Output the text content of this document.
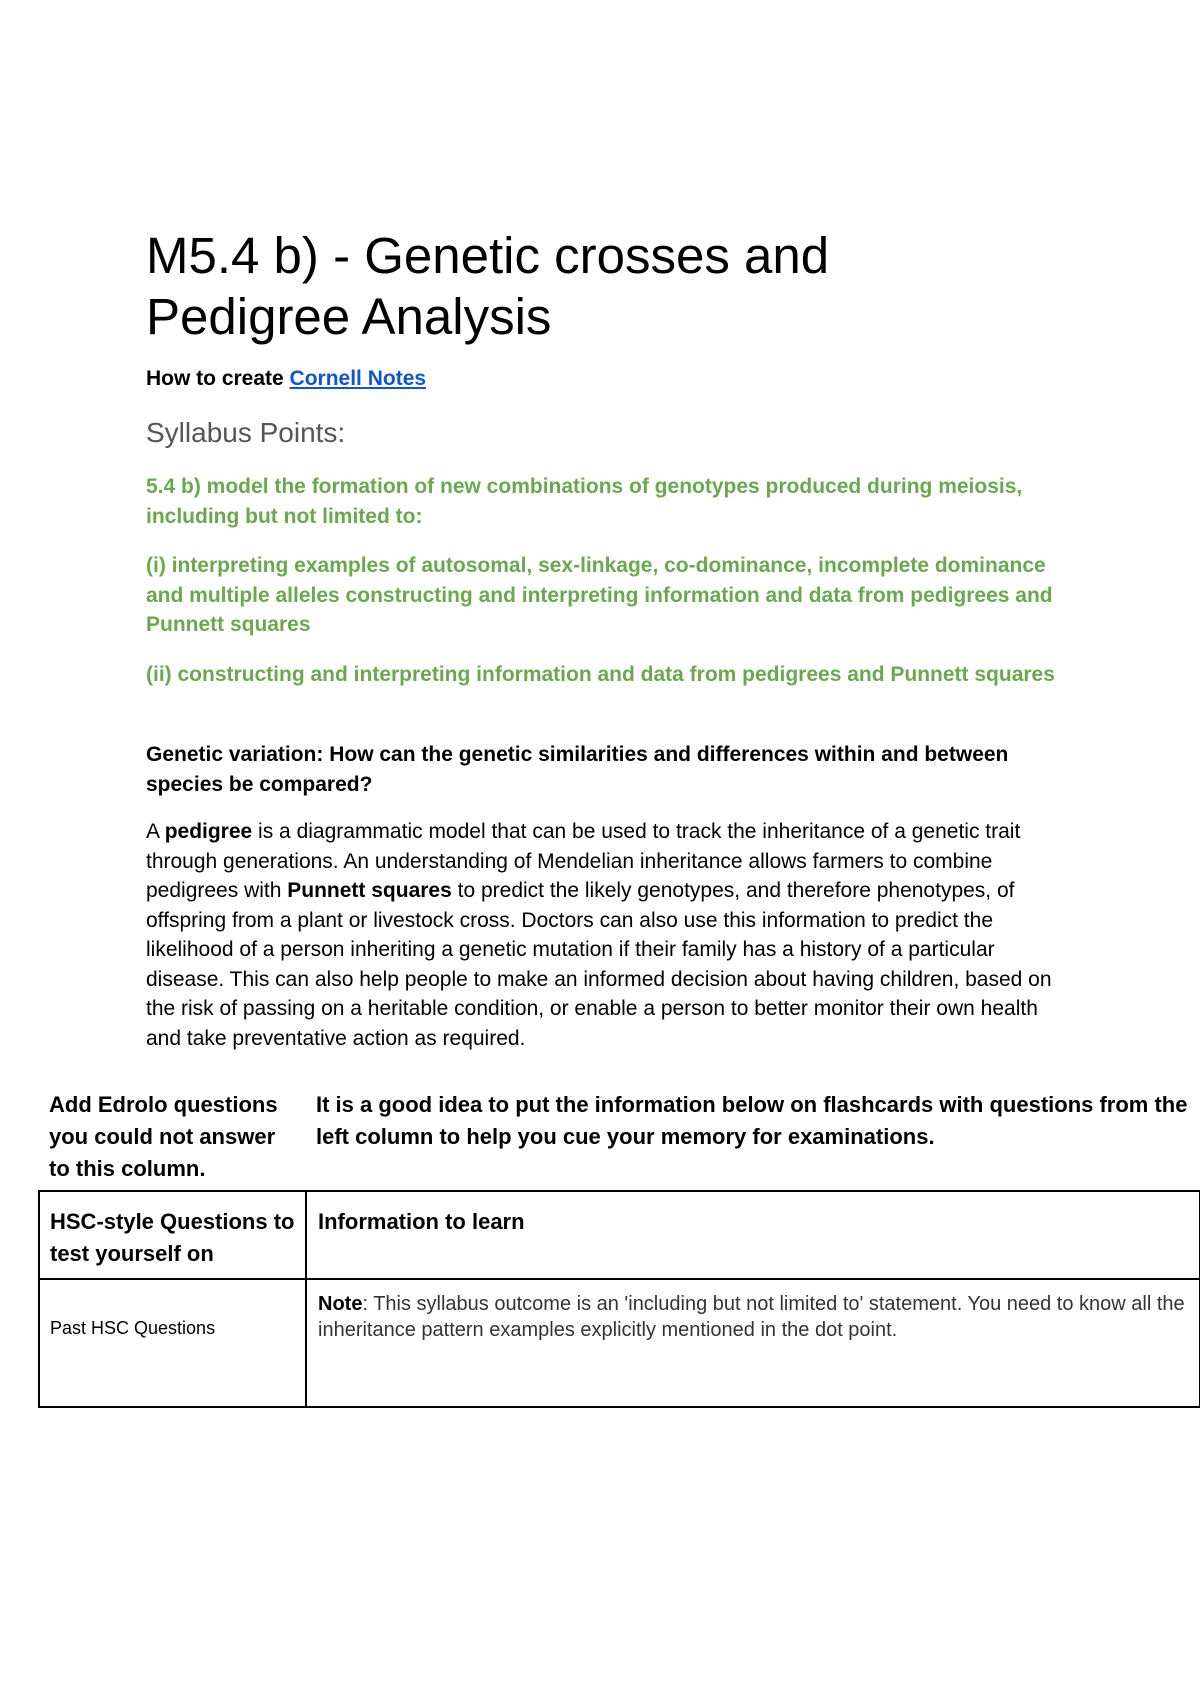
M5.4 b) - Genetic crosses and
Pedigree Analysis

How to create Cornell Notes

Syllabus Points:

5.4 b) model the formation of new combinations of genotypes produced during meiosis, including but not limited to:

(i) interpreting examples of autosomal, sex-linkage, co-dominance, incomplete dominance and multiple alleles constructing and interpreting information and data from pedigrees and Punnett squares

(ii) constructing and interpreting information and data from pedigrees and Punnett squares

Genetic variation: How can the genetic similarities and differences within and between species be compared?

A pedigree is a diagrammatic model that can be used to track the inheritance of a genetic trait through generations. An understanding of Mendelian inheritance allows farmers to combine pedigrees with Punnett squares to predict the likely genotypes, and therefore phenotypes, of offspring from a plant or livestock cross. Doctors can also use this information to predict the likelihood of a person inheriting a genetic mutation if their family has a history of a particular disease. This can also help people to make an informed decision about having children, based on the risk of passing on a heritable condition, or enable a person to better monitor their own health and take preventative action as required.

Add Edrolo questions you could not answer to this column.

It is a good idea to put the information below on flashcards with questions from the left column to help you cue your memory for examinations.

HSC-style Questions to test yourself on	Information to learn

Past HSC Questions	Note: This syllabus outcome is an 'including but not limited to' statement. You need to know all the inheritance pattern examples explicitly mentioned in the dot point.
